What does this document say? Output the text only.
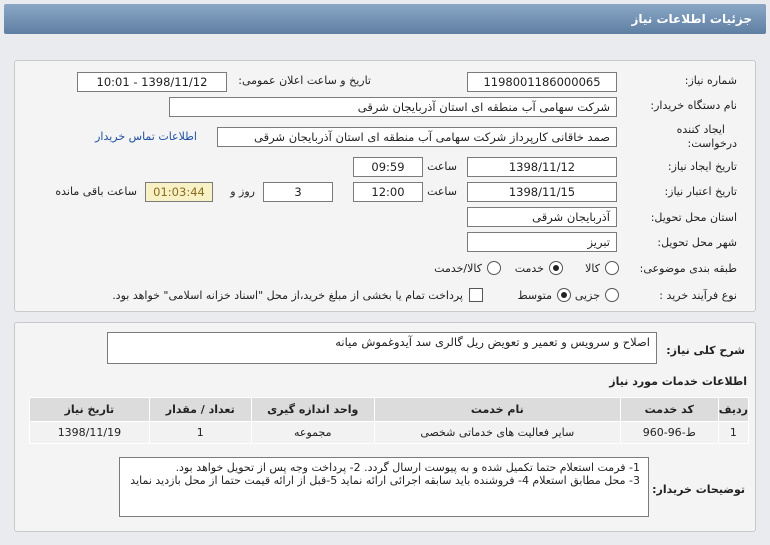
جزئیات اطلاعات نیاز
شماره نیاز:
1198001186000065
تاریخ و ساعت اعلان عمومی:
1398/11/12 - 10:01
نام دستگاه خریدار:
شرکت سهامی آب منطقه ای استان آذربایجان شرقی
ایجاد کننده
درخواست:
صمد خاقانی کارپرداز شرکت سهامی آب منطقه ای استان آذربایجان شرقی
اطلاعات تماس خریدار
تاریخ ایجاد نیاز:
1398/11/12
ساعت
09:59
تاریخ اعتبار نیاز:
1398/11/15
ساعت
12:00
3
روز و
01:03:44
ساعت باقی مانده
استان محل تحویل:
آذربایجان شرقی
شهر محل تحویل:
تبریز
طبقه بندی موضوعی:
کالا
خدمت
کالا/خدمت
نوع فرآیند خرید :
جزیی
متوسط
پرداخت تمام یا بخشی از مبلغ خرید،از محل "اسناد خزانه اسلامی" خواهد بود.
شرح کلی نیاز:
اصلاح و سرویس و تعمیر و تعویض ریل گالری سد آیدوغموش میانه
اطلاعات خدمات مورد نیاز
ردیف	کد خدمت	نام خدمت	واحد اندازه گیری	تعداد / مقدار	تاریخ نیاز
1	ط-96-960	سایر فعالیت های خدماتی شخصی	مجموعه	1	1398/11/19
توضیحات خریدار:
1- فرمت استعلام حتما تکمیل شده و به پیوست ارسال گردد. 2- پرداخت وجه پس از تحویل خواهد بود.
3- محل مطابق استعلام 4- فروشنده باید سابقه اجرائی ارائه نماید 5-قبل از ارائه قیمت حتما از محل بازدید نماید
